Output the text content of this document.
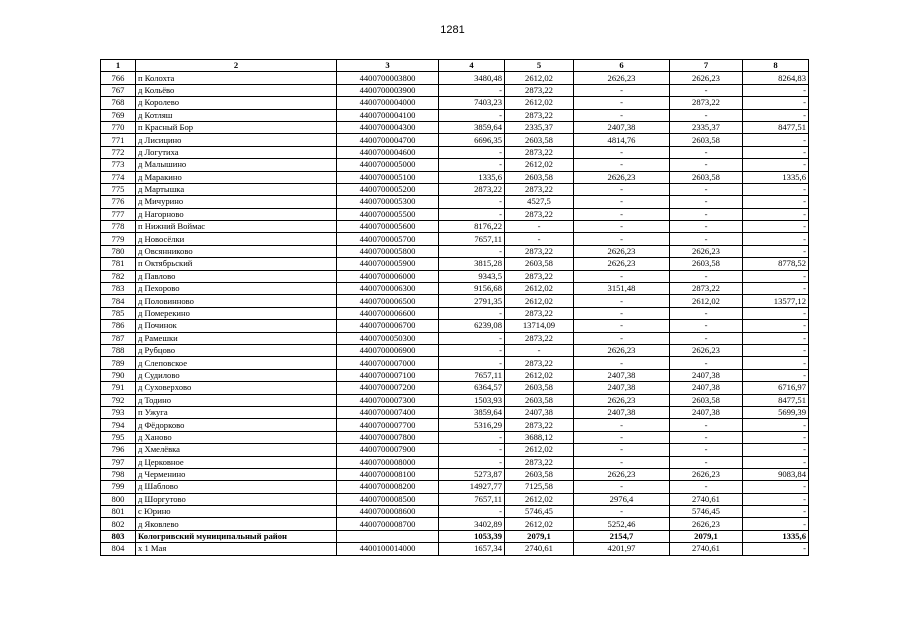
1281
1	2	3	4	5	6	7	8
766	п Колохта	4400700003800	3480,48	2612,02	2626,23	2626,23	8264,83
767	д Кольёво	4400700003900	-	2873,22	-	-	-
768	д Королево	4400700004000	7403,23	2612,02	-	2873,22	-
769	д Котляш	4400700004100	-	2873,22	-	-	-
770	п Красный Бор	4400700004300	3859,64	2335,37	2407,38	2335,37	8477,51
771	д Лисицино	4400700004700	6696,35	2603,58	4814,76	2603,58	-
772	д Логутиха	4400700004600	-	2873,22	-	-	-
773	д Малышино	4400700005000	-	2612,02	-	-	-
774	д Маракино	4400700005100	1335,6	2603,58	2626,23	2603,58	1335,6
775	д Мартышка	4400700005200	2873,22	2873,22	-	-	-
776	д Мичурино	4400700005300	-	4527,5	-	-	-
777	д Нагорново	4400700005500	-	2873,22	-	-	-
778	п Нижний Воймас	4400700005600	8176,22	-	-	-	-
779	д Новосёлки	4400700005700	7657,11	-	-	-	-
780	д Овсянниково	4400700005800	-	2873,22	2626,23	2626,23	-
781	п Октябрьский	4400700005900	3815,28	2603,58	2626,23	2603,58	8778,52
782	д Павлово	4400700006000	9343,5	2873,22	-	-	-
783	д Пехорово	4400700006300	9156,68	2612,02	3151,48	2873,22	-
784	д Половинново	4400700006500	2791,35	2612,02	-	2612,02	13577,12
785	д Померекино	4400700006600	-	2873,22	-	-	-
786	д Починок	4400700006700	6239,08	13714,09	-	-	-
787	д Рамешки	4400700050300	-	2873,22	-	-	-
788	д Рубцово	4400700006900	-	-	2626,23	2626,23	-
789	д Слеповское	4400700007000	-	2873,22	-	-	-
790	д Судилово	4400700007100	7657,11	2612,02	2407,38	2407,38	-
791	д Суховерхово	4400700007200	6364,57	2603,58	2407,38	2407,38	6716,97
792	д Тодино	4400700007300	1503,93	2603,58	2626,23	2603,58	8477,51
793	п Ужуга	4400700007400	3859,64	2407,38	2407,38	2407,38	5699,39
794	д Фёдорково	4400700007700	5316,29	2873,22	-	-	-
795	д Ханово	4400700007800	-	3688,12	-	-	-
796	д Хмелёвка	4400700007900	-	2612,02	-	-	-
797	д Церковное	4400700008000	-	2873,22	-	-	-
798	д Черменино	4400700008100	5273,87	2603,58	2626,23	2626,23	9083,84
799	д Шаблово	4400700008200	14927,77	7125,58	-	-	-
800	д Шоргутово	4400700008500	7657,11	2612,02	2976,4	2740,61	-
801	с Юрино	4400700008600	-	5746,45	-	5746,45	-
802	д Яковлево	4400700008700	3402,89	2612,02	5252,46	2626,23	-
803	Кологривский муниципальный район		1053,39	2079,1	2154,7	2079,1	1335,6
804	х 1 Мая	4400100014000	1657,34	2740,61	4201,97	2740,61	-
